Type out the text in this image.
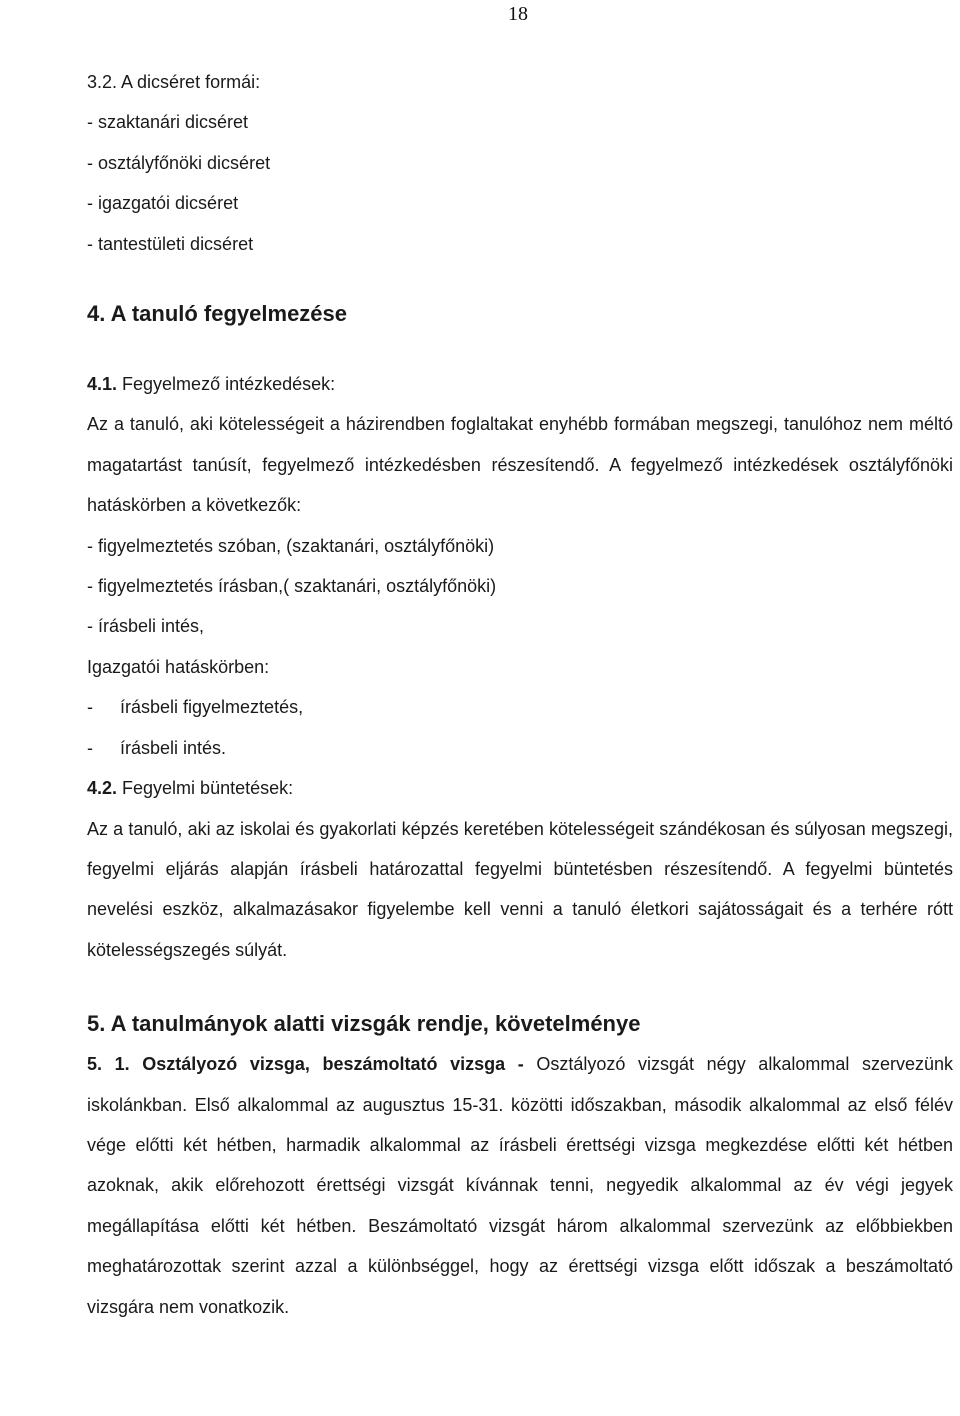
18
3.2. A dicséret formái:
- szaktanári dicséret
- osztályfőnöki dicséret
- igazgatói dicséret
- tantestületi dicséret
4. A tanuló fegyelmezése
4.1. Fegyelmező intézkedések:
Az a tanuló, aki kötelességeit a házirendben foglaltakat enyhébb formában megszegi, tanulóhoz nem méltó magatartást tanúsít, fegyelmező intézkedésben részesítendő. A fegyelmező intézkedések osztályfőnöki hatáskörben a következők:
- figyelmeztetés szóban, (szaktanári, osztályfőnöki)
- figyelmeztetés írásban,( szaktanári, osztályfőnöki)
- írásbeli intés,
Igazgatói hatáskörben:
- írásbeli figyelmeztetés,
- írásbeli intés.
4.2. Fegyelmi büntetések:
Az a tanuló, aki az iskolai és gyakorlati képzés keretében kötelességeit szándékosan és súlyosan megszegi, fegyelmi eljárás alapján írásbeli határozattal fegyelmi büntetésben részesítendő. A fegyelmi büntetés nevelési eszköz, alkalmazásakor figyelembe kell venni a tanuló életkori sajátosságait és a terhére rótt kötelességszegés súlyát.
5. A tanulmányok alatti vizsgák rendje, követelménye
5. 1. Osztályozó vizsga, beszámoltató vizsga - Osztályozó vizsgát négy alkalommal szervezünk iskolánkban. Első alkalommal az augusztus 15-31. közötti időszakban, második alkalommal az első félév vége előtti két hétben, harmadik alkalommal az írásbeli érettségi vizsga megkezdése előtti két hétben azoknak, akik előrehozott érettségi vizsgát kívánnak tenni, negyedik alkalommal az év végi jegyek megállapítása előtti két hétben. Beszámoltató vizsgát három alkalommal szervezünk az előbbiekben meghatározottak szerint azzal a különbséggel, hogy az érettségi vizsga előtt időszak a beszámoltató vizsgára nem vonatkozik.
